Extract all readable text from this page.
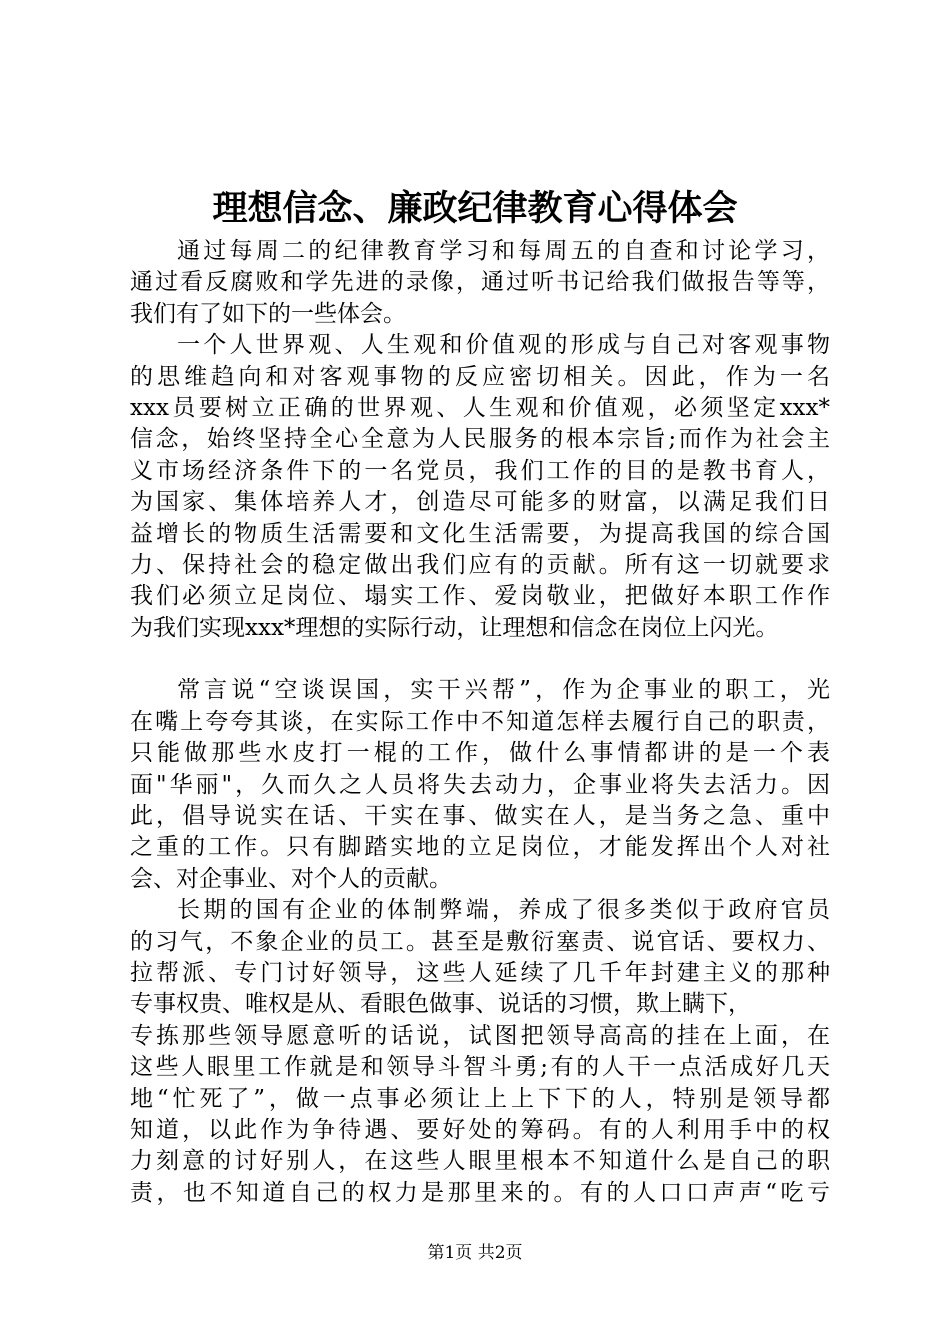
理想信念、廉政纪律教育心得体会
通过每周二的纪律教育学习和每周五的自查和讨论学习，
通过看反腐败和学先进的录像，通过听书记给我们做报告等等，
我们有了如下的一些体会。
一个人世界观、人生观和价值观的形成与自己对客观事物
的思维趋向和对客观事物的反应密切相关。因此，作为一名
xxx员要树立正确的世界观、人生观和价值观，必须坚定xxx*
信念，始终坚持全心全意为人民服务的根本宗旨;而作为社会主
义市场经济条件下的一名党员，我们工作的目的是教书育人，
为国家、集体培养人才，创造尽可能多的财富，以满足我们日
益增长的物质生活需要和文化生活需要，为提高我国的综合国
力、保持社会的稳定做出我们应有的贡献。所有这一切就要求
我们必须立足岗位、塌实工作、爱岗敬业，把做好本职工作作
为我们实现xxx*理想的实际行动，让理想和信念在岗位上闪光。
常言说“空谈误国，实干兴帮”，作为企事业的职工，光
在嘴上夸夸其谈，在实际工作中不知道怎样去履行自己的职责，
只能做那些水皮打一棍的工作，做什么事情都讲的是一个表
面"华丽"，久而久之人员将失去动力，企事业将失去活力。因
此，倡导说实在话、干实在事、做实在人，是当务之急、重中
之重的工作。只有脚踏实地的立足岗位，才能发挥出个人对社
会、对企事业、对个人的贡献。
长期的国有企业的体制弊端，养成了很多类似于政府官员
的习气，不象企业的员工。甚至是敷衍塞责、说官话、要权力、
拉帮派、专门讨好领导，这些人延续了几千年封建主义的那种
专事权贵、唯权是从、看眼色做事、说话的习惯，欺上瞒下，
专拣那些领导愿意听的话说，试图把领导高高的挂在上面，在
这些人眼里工作就是和领导斗智斗勇;有的人干一点活成好几天
地“忙死了”，做一点事必须让上上下下的人，特别是领导都
知道，以此作为争待遇、要好处的筹码。有的人利用手中的权
力刻意的讨好别人，在这些人眼里根本不知道什么是自己的职
责，也不知道自己的权力是那里来的。有的人口口声声“吃亏
第1页 共2页
